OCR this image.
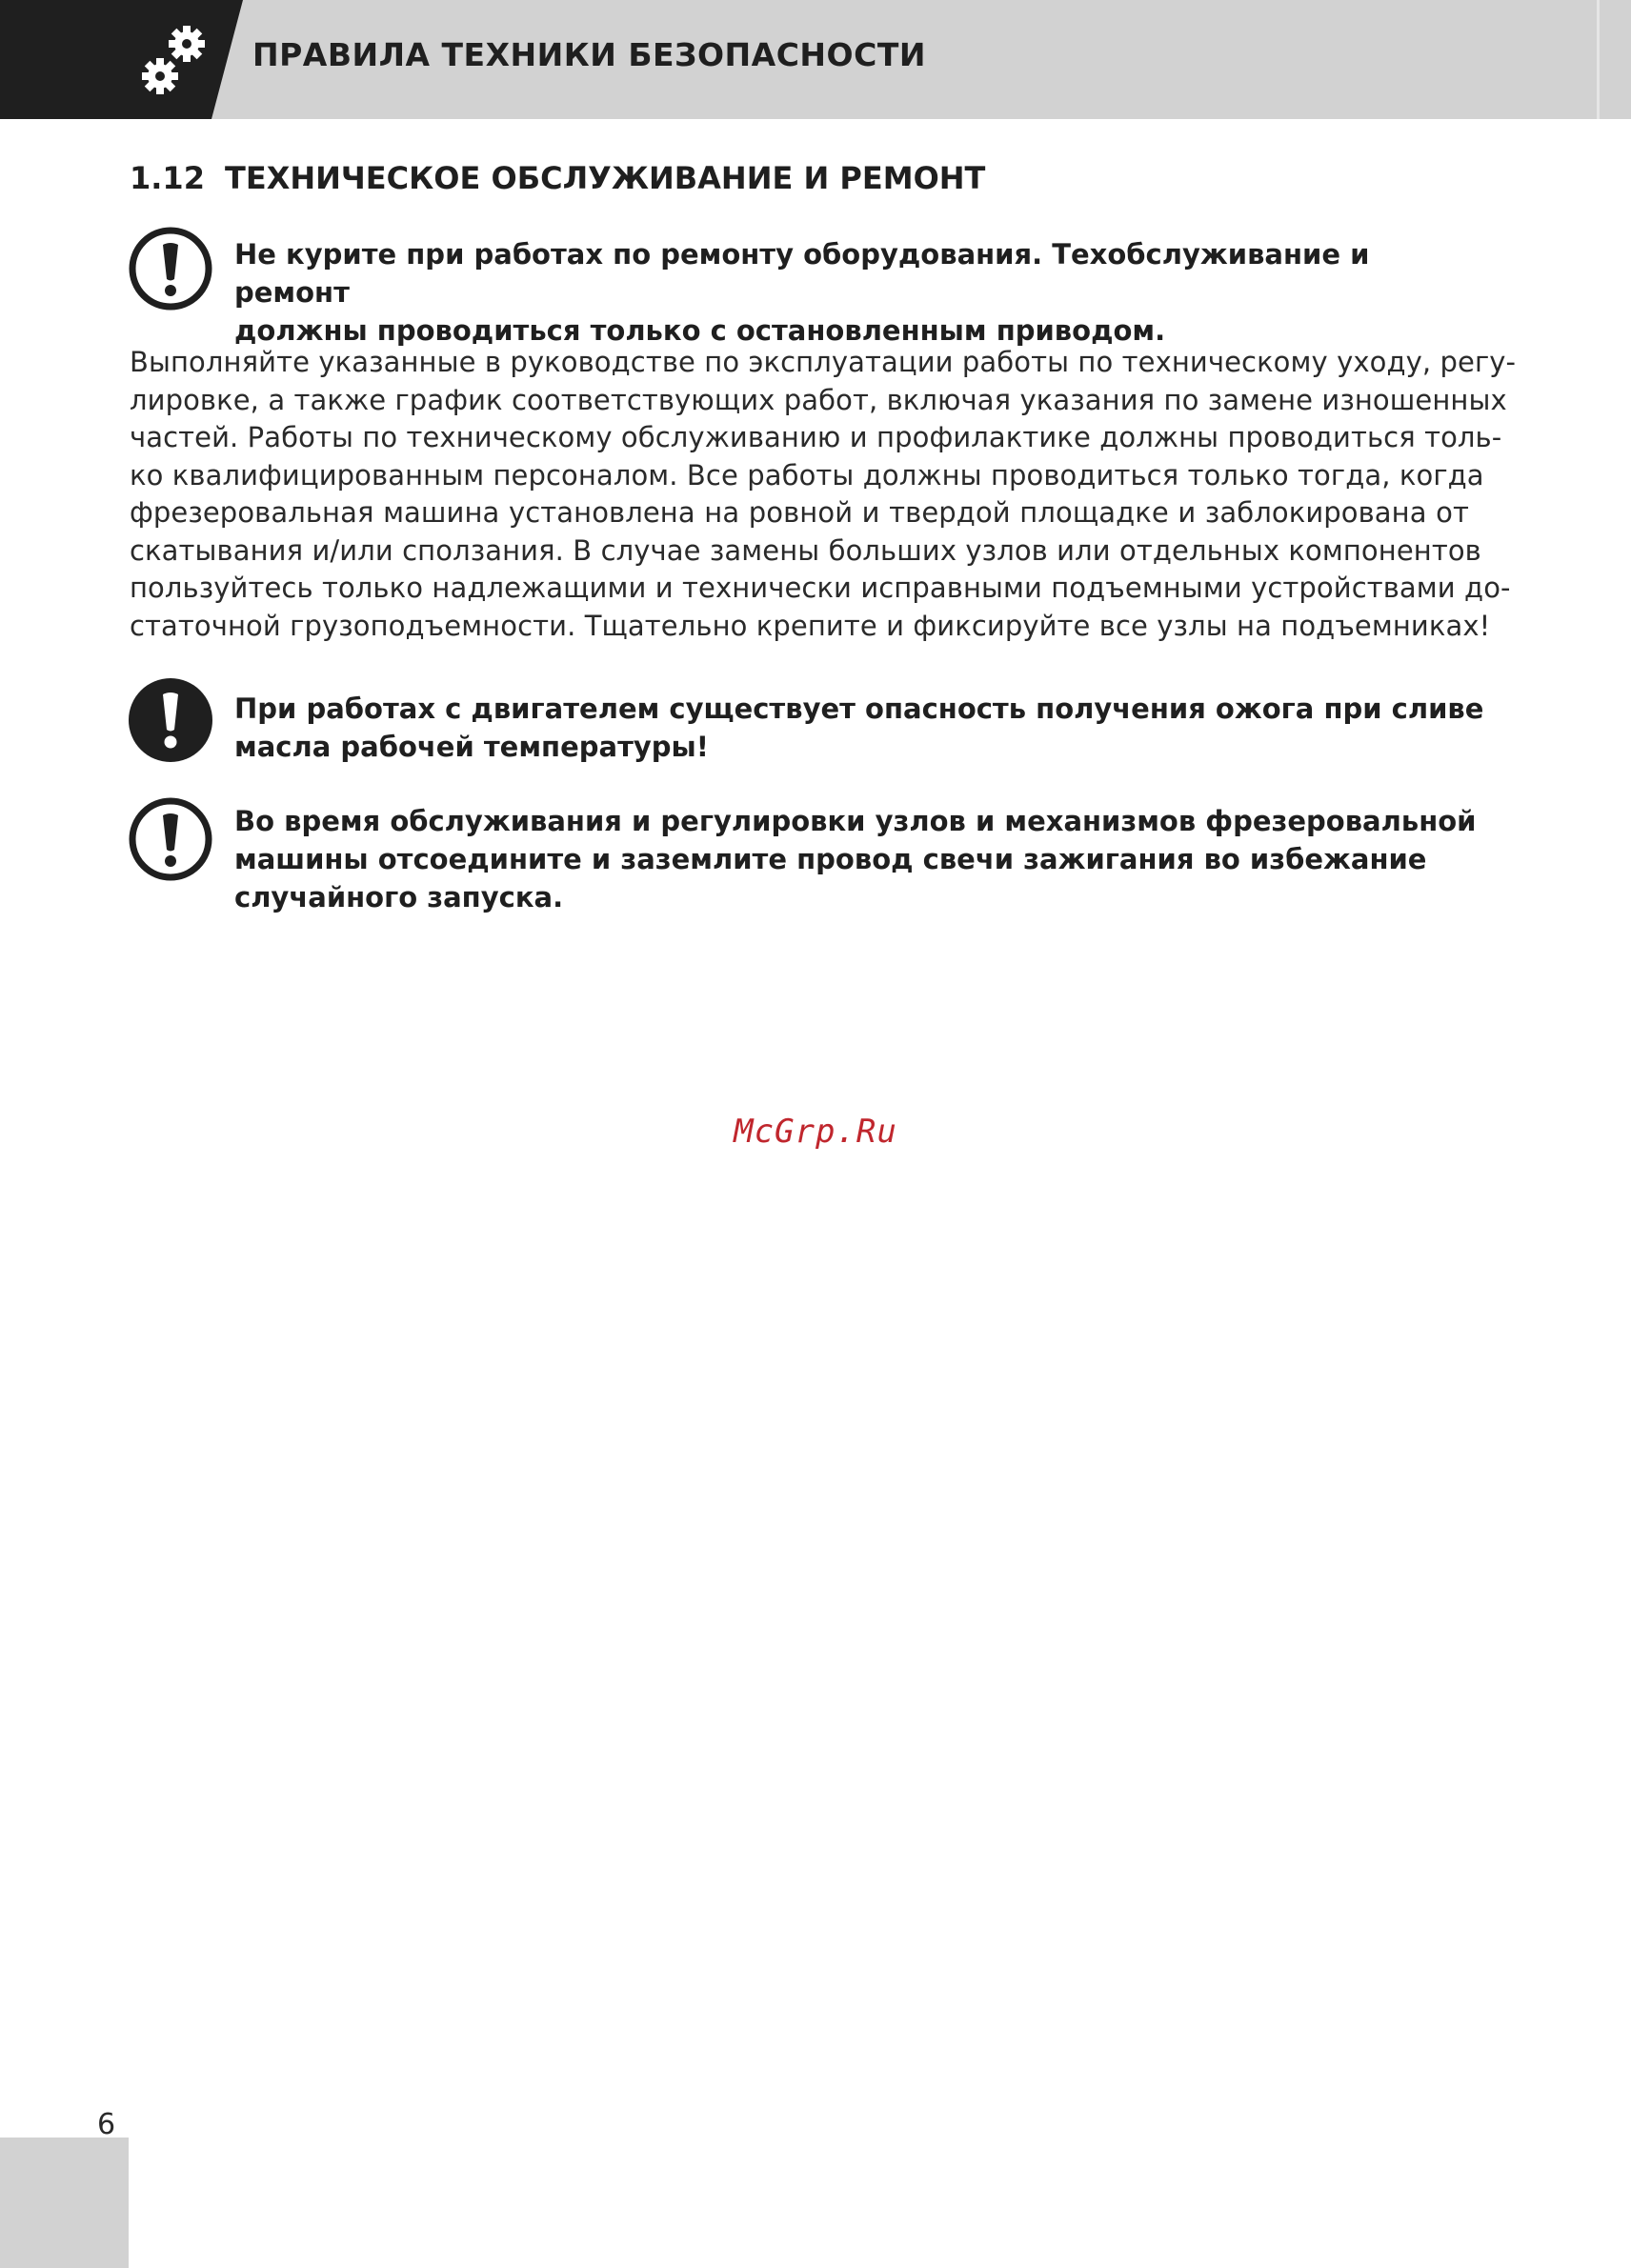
ПРАВИЛА ТЕХНИКИ БЕЗОПАСНОСТИ
1.12 ТЕХНИЧЕСКОЕ ОБСЛУЖИВАНИЕ И РЕМОНТ
Не курите при работах по ремонту оборудования. Техобслуживание и ремонт
должны проводиться только с остановленным приводом.
Выполняйте указанные в руководстве по эксплуатации работы по техническому уходу, регу-
лировке, а также график соответствующих работ, включая указания по замене изношенных
частей. Работы по техническому обслуживанию и профилактике должны проводиться толь-
ко квалифицированным персоналом. Все работы должны проводиться только тогда, когда
фрезеровальная машина установлена на ровной и твердой площадке и заблокирована от
скатывания и/или сползания. В случае замены больших узлов или отдельных компонентов
пользуйтесь только надлежащими и технически исправными подъемными устройствами до-
статочной грузоподъемности. Тщательно крепите и фиксируйте все узлы на подъемниках!
При работах с двигателем существует опасность получения ожога при сливе
масла рабочей температуры!
Во время обслуживания и регулировки узлов и механизмов фрезеровальной
машины отсоедините и заземлите провод свечи зажигания во избежание
случайного запуска.
McGrp.Ru
6
